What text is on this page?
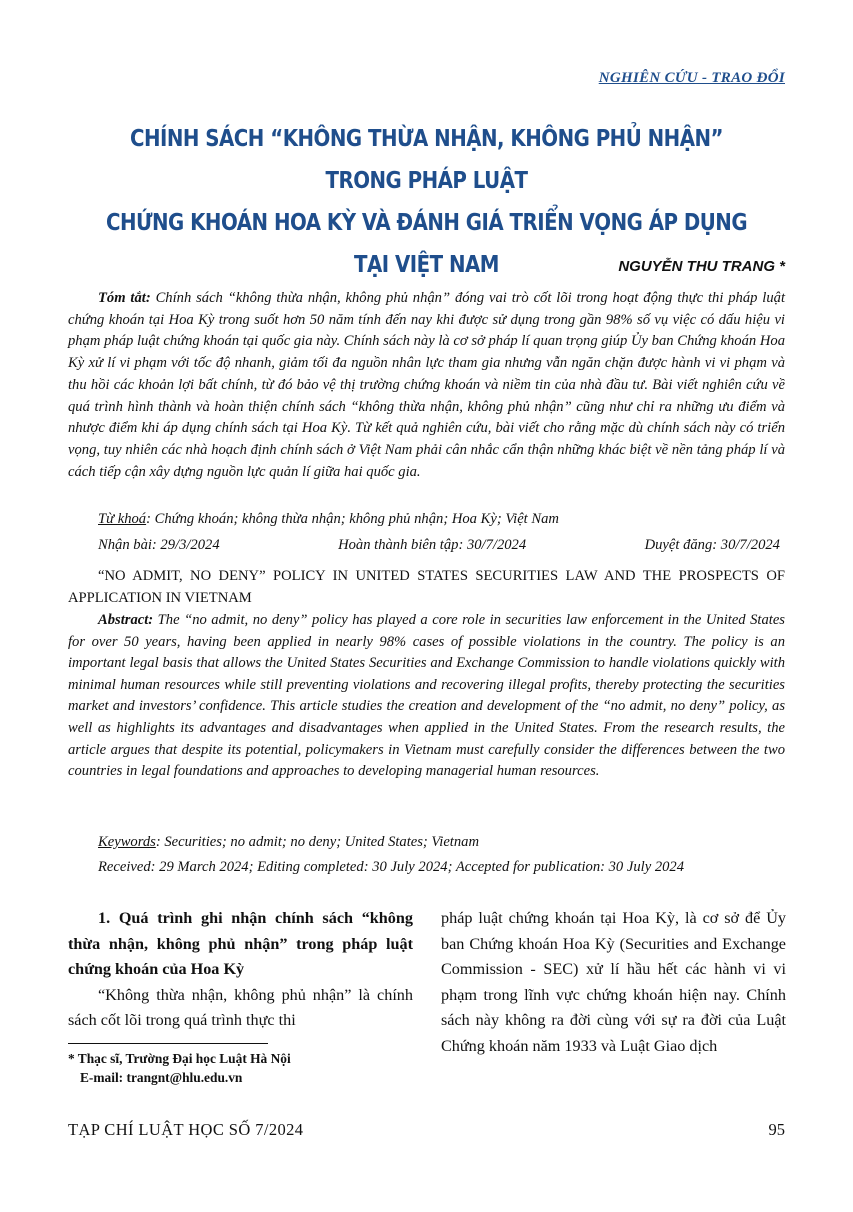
NGHIÊN CỨU - TRAO ĐỔI
CHÍNH SÁCH “KHÔNG THỪA NHẬN, KHÔNG PHỦ NHẬN” TRONG PHÁP LUẬT
CHỨNG KHOÁN HOA KỲ VÀ ĐÁNH GIÁ TRIỂN VỌNG ÁP DỤNG TẠI VIỆT NAM	NGUYỄN THU TRANG *
Tóm tắt: Chính sách “không thừa nhận, không phủ nhận” đóng vai trò cốt lõi trong hoạt động thực thi pháp luật chứng khoán tại Hoa Kỳ trong suốt hơn 50 năm tính đến nay khi được sử dụng trong gần 98% số vụ việc có dấu hiệu vi phạm pháp luật chứng khoán tại quốc gia này. Chính sách này là cơ sở pháp lí quan trọng giúp Ủy ban Chứng khoán Hoa Kỳ xử lí vi phạm với tốc độ nhanh, giảm tối đa nguồn nhân lực tham gia nhưng vẫn ngăn chặn được hành vi vi phạm và thu hồi các khoản lợi bất chính, từ đó bảo vệ thị trường chứng khoán và niềm tin của nhà đầu tư. Bài viết nghiên cứu về quá trình hình thành và hoàn thiện chính sách “không thừa nhận, không phủ nhận” cũng như chỉ ra những ưu điểm và nhược điểm khi áp dụng chính sách tại Hoa Kỳ. Từ kết quả nghiên cứu, bài viết cho rằng mặc dù chính sách này có triển vọng, tuy nhiên các nhà hoạch định chính sách ở Việt Nam phải cân nhắc cẩn thận những khác biệt về nền tảng pháp lí và cách tiếp cận xây dựng nguồn lực quản lí giữa hai quốc gia.
Từ khoá: Chứng khoán; không thừa nhận; không phủ nhận; Hoa Kỳ; Việt Nam
Nhận bài: 29/3/2024	Hoàn thành biên tập: 30/7/2024	Duyệt đăng: 30/7/2024
“NO ADMIT, NO DENY” POLICY IN UNITED STATES SECURITIES LAW AND THE PROSPECTS OF APPLICATION IN VIETNAM
Abstract: The “no admit, no deny” policy has played a core role in securities law enforcement in the United States for over 50 years, having been applied in nearly 98% cases of possible violations in the country. The policy is an important legal basis that allows the United States Securities and Exchange Commission to handle violations quickly with minimal human resources while still preventing violations and recovering illegal profits, thereby protecting the securities market and investors’ confidence. This article studies the creation and development of the “no admit, no deny” policy, as well as highlights its advantages and disadvantages when applied in the United States. From the research results, the article argues that despite its potential, policymakers in Vietnam must carefully consider the differences between the two countries in legal foundations and approaches to developing managerial human resources.
Keywords: Securities; no admit; no deny; United States; Vietnam
Received: 29 March 2024; Editing completed: 30 July 2024; Accepted for publication: 30 July 2024
1. Quá trình ghi nhận chính sách “không thừa nhận, không phủ nhận” trong pháp luật chứng khoán của Hoa Kỳ
“Không thừa nhận, không phủ nhận” là chính sách cốt lõi trong quá trình thực thi
pháp luật chứng khoán tại Hoa Kỳ, là cơ sở để Ủy ban Chứng khoán Hoa Kỳ (Securities and Exchange Commission - SEC) xử lí hầu hết các hành vi vi phạm trong lĩnh vực chứng khoán hiện nay. Chính sách này không ra đời cùng với sự ra đời của Luật Chứng khoán năm 1933 và Luật Giao dịch
* Thạc sĩ, Trường Đại học Luật Hà Nội
E-mail: trangnt@hlu.edu.vn
TẠP CHÍ LUẬT HỌC SỐ 7/2024	95
